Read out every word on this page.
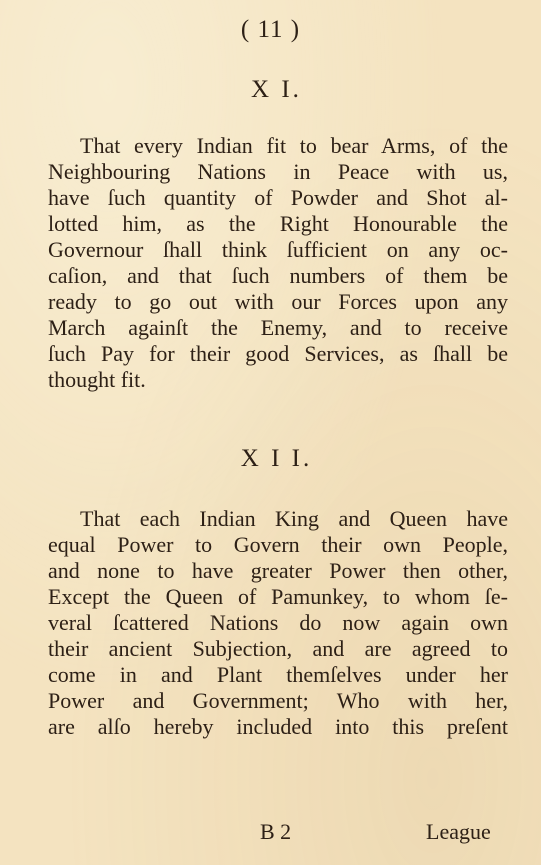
( 11 )
X I.
That every Indian fit to bear Arms, of the
Neighbouring Nations in Peace with us,
have ſuch quantity of Powder and Shot al-
lotted him, as the Right Honourable the
Governour ſhall think ſufficient on any oc-
caſion, and that ſuch numbers of them be
ready to go out with our Forces upon any
March againſt the Enemy, and to receive
ſuch Pay for their good Services, as ſhall be
thought fit.
X I I.
That each Indian King and Queen have
equal Power to Govern their own People,
and none to have greater Power then other,
Except the Queen of Pamunkey, to whom ſe-
veral ſcattered Nations do now again own
their ancient Subjection, and are agreed to
come in and Plant themſelves under her
Power and Government; Who with her,
are alſo hereby included into this preſent
B 2	League
